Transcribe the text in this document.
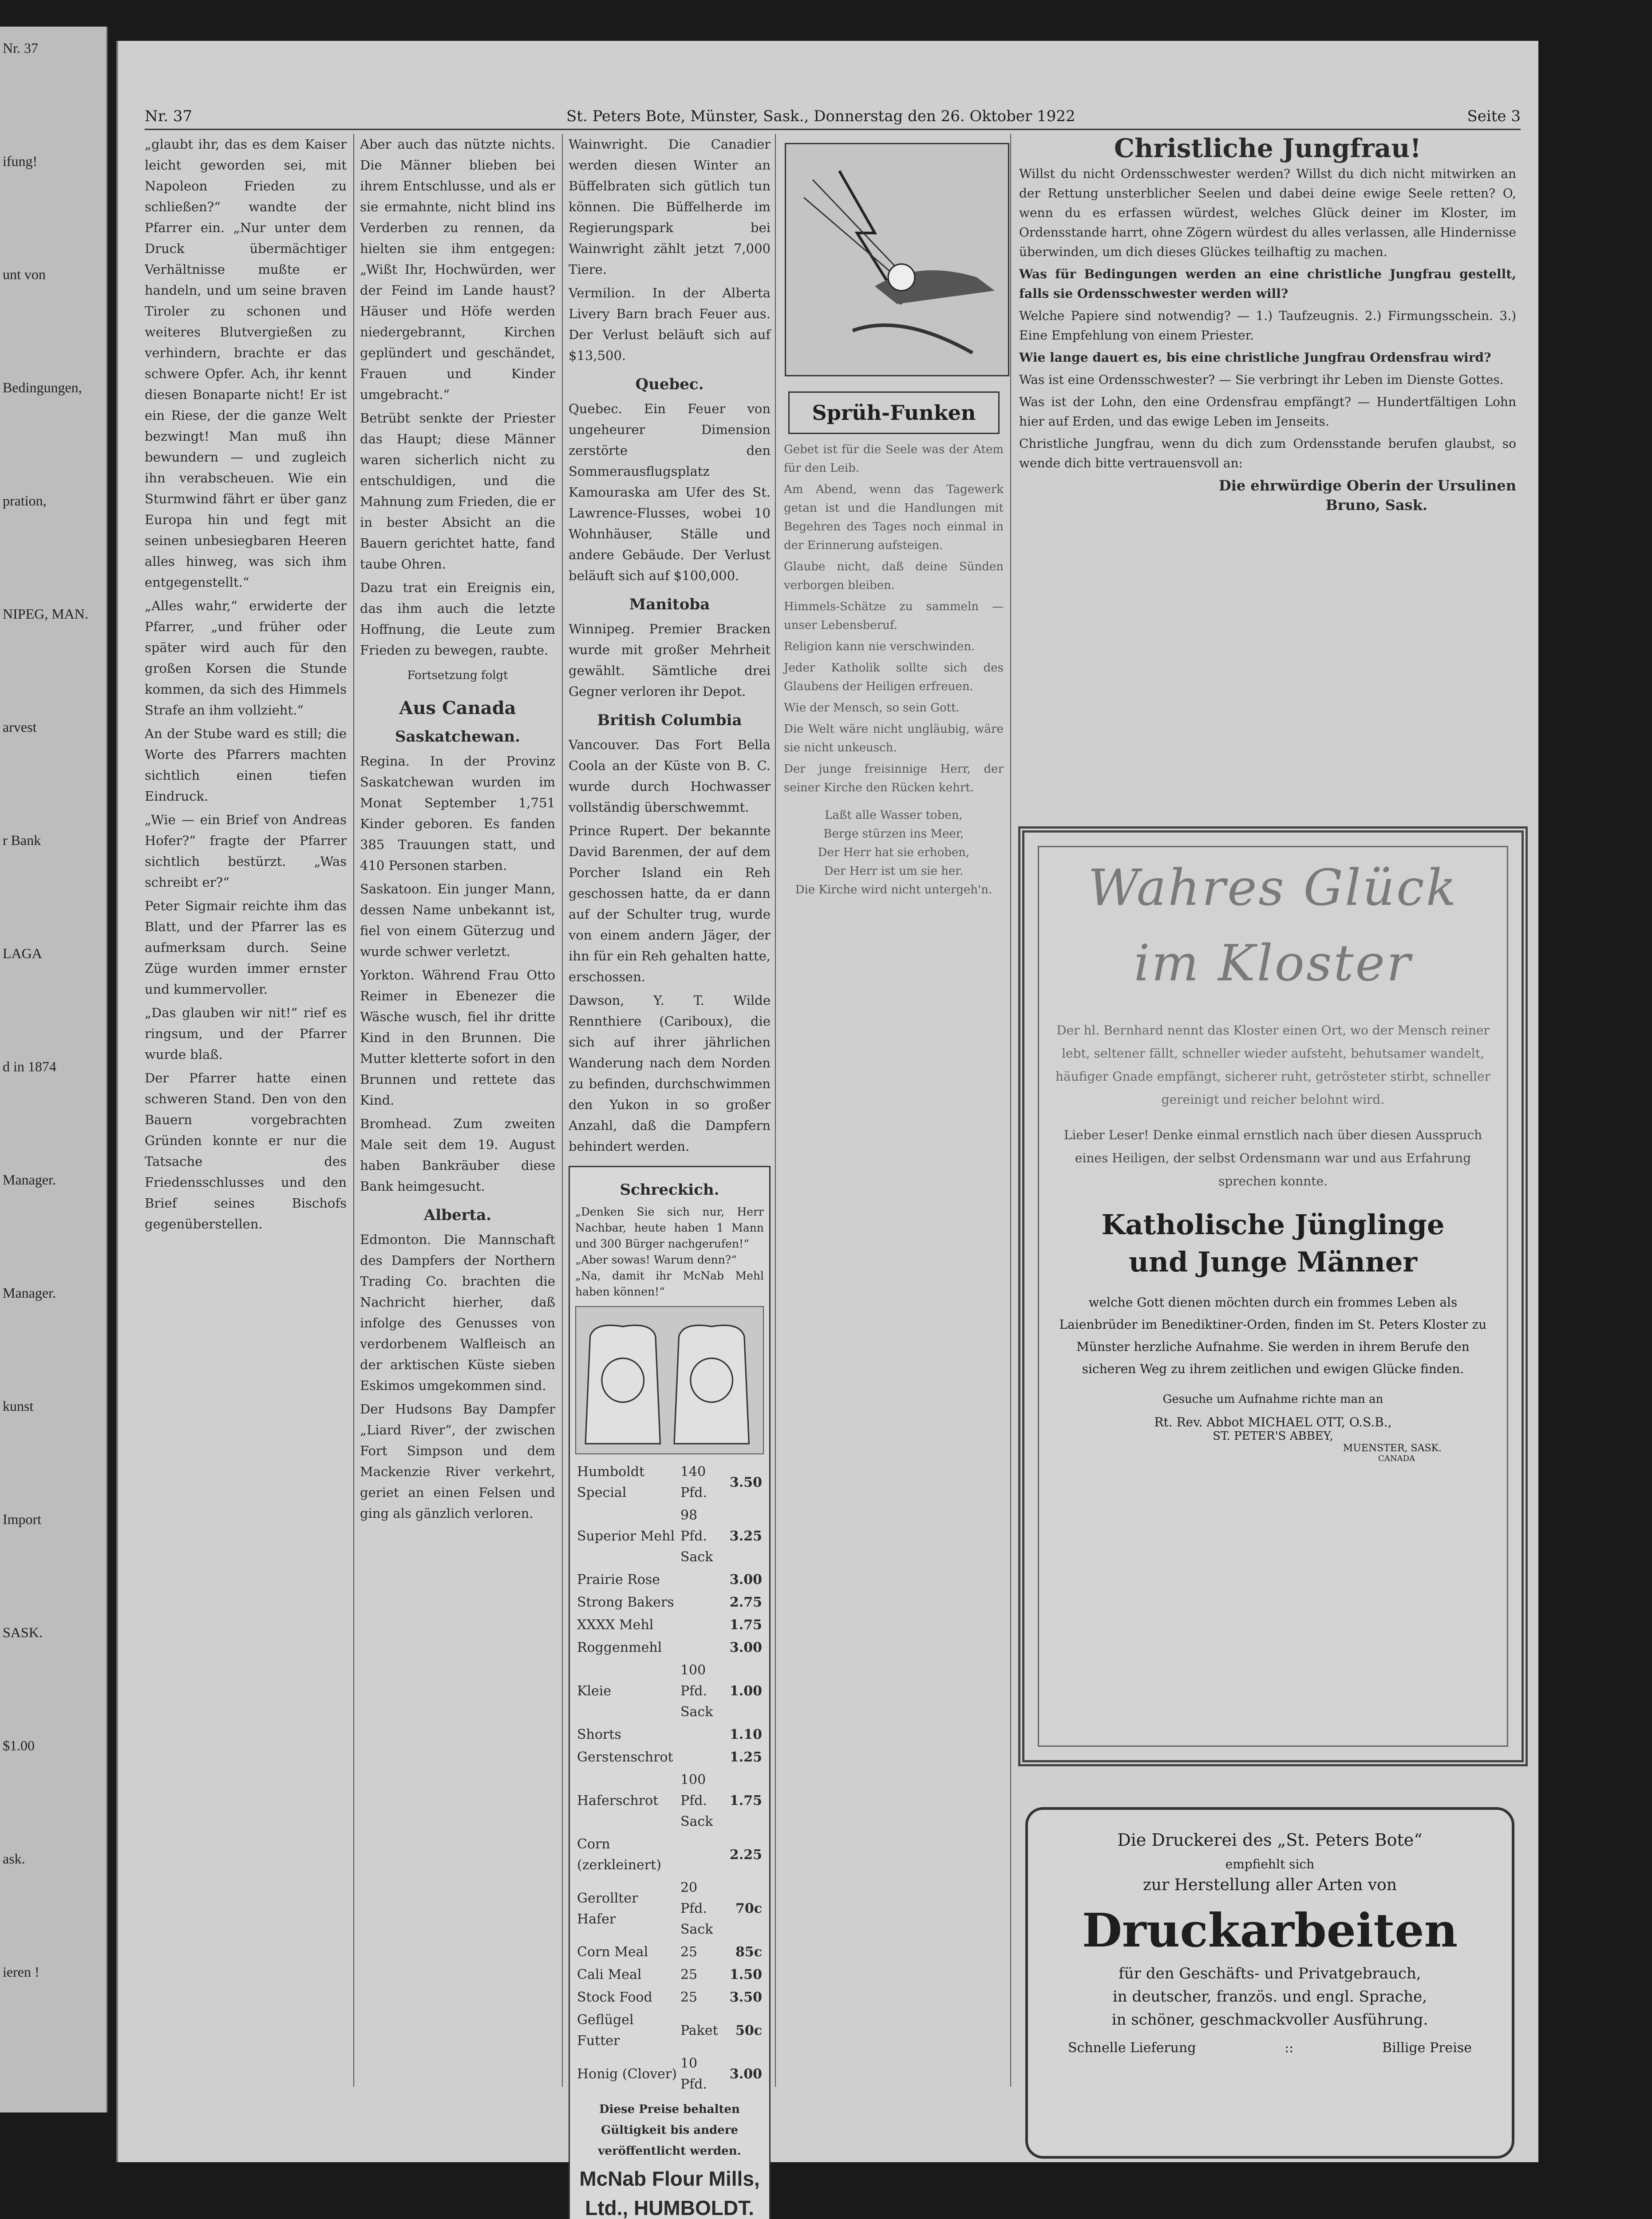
Nr. 37
ifung!
unt von
Bedingungen,
pration,
NIPEG, MAN.
arvest
r Bank
LAGA
d in 1874
Manager.
Manager.
kunst
Import
SASK.
$1.00
ask.
ieren !
Nr. 37	St. Peters Bote, Münster, Sask., Donnerstag den 26. Oktober 1922	Seite 3

„glaubt ihr, das es dem Kaiser leicht geworden sei, mit Napoleon Frieden zu schließen?“ wandte der Pfarrer ein. „Nur unter dem Druck übermächtiger Verhältnisse mußte er handeln, und um seine braven Tiroler zu schonen und weiteres Blutvergießen zu verhindern, brachte er das schwere Opfer. Ach, ihr kennt diesen Bonaparte nicht! Er ist ein Riese, der die ganze Welt bezwingt! Man muß ihn bewundern — und zugleich ihn verabscheuen. Wie ein Sturmwind fährt er über ganz Europa hin und fegt mit seinen unbesiegbaren Heeren alles hinweg, was sich ihm entgegenstellt.“

„Alles wahr,“ erwiderte der Pfarrer, „und früher oder später wird auch für den großen Korsen die Stunde kommen, da sich des Himmels Strafe an ihm vollzieht.“

An der Stube ward es still; die Worte des Pfarrers machten sichtlich einen tiefen Eindruck.

„Wie — ein Brief von Andreas Hofer?“ fragte der Pfarrer sichtlich bestürzt. „Was schreibt er?“

Peter Sigmair reichte ihm das Blatt, und der Pfarrer las es aufmerksam durch. Seine Züge wurden immer ernster und kummervoller.

„Das glauben wir nit!“ rief es ringsum, und der Pfarrer wurde blaß.

Der Pfarrer hatte einen schweren Stand. Den von den Bauern vorgebrachten Gründen konnte er nur die Tatsache des Friedensschlusses und den Brief seines Bischofs gegenüberstellen.

Aber auch das nützte nichts. Die Männer blieben bei ihrem Entschlusse, und als er sie ermahnte, nicht blind ins Verderben zu rennen, da hielten sie ihm entgegen: „Wißt Ihr, Hochwürden, wer der Feind im Lande haust? Häuser und Höfe werden niedergebrannt, Kirchen geplündert und geschändet, Frauen und Kinder umgebracht.“

Betrübt senkte der Priester das Haupt; diese Männer waren sicherlich nicht zu entschuldigen, und die Mahnung zum Frieden, die er in bester Absicht an die Bauern gerichtet hatte, fand taube Ohren.

Dazu trat ein Ereignis ein, das ihm auch die letzte Hoffnung, die Leute zum Frieden zu bewegen, raubte.

Fortsetzung folgt
Aus Canada
Saskatchewan.

Regina. In der Provinz Saskatchewan wurden im Monat September 1,751 Kinder geboren. Es fanden 385 Trauungen statt, und 410 Personen starben.

Saskatoon. Ein junger Mann, dessen Name unbekannt ist, fiel von einem Güterzug und wurde schwer verletzt.

Yorkton. Während Frau Otto Reimer in Ebenezer die Wäsche wusch, fiel ihr dritte Kind in den Brunnen. Die Mutter kletterte sofort in den Brunnen und rettete das Kind.

Bromhead. Zum zweiten Male seit dem 19. August haben Bankräuber diese Bank heimgesucht.

Alberta.

Edmonton. Die Mannschaft des Dampfers der Northern Trading Co. brachten die Nachricht hierher, daß infolge des Genusses von verdorbenem Walfleisch an der arktischen Küste sieben Eskimos umgekommen sind.

Der Hudsons Bay Dampfer „Liard River“, der zwischen Fort Simpson und dem Mackenzie River verkehrt, geriet an einen Felsen und ging als gänzlich verloren.

Wainwright. Die Canadier werden diesen Winter an Büffelbraten sich gütlich tun können. Die Büffelherde im Regierungspark bei Wainwright zählt jetzt 7,000 Tiere.

Vermilion. In der Alberta Livery Barn brach Feuer aus. Der Verlust beläuft sich auf $13,500.

Quebec.

Quebec. Ein Feuer von ungeheurer Dimension zerstörte den Sommerausflugsplatz Kamouraska am Ufer des St. Lawrence-Flusses, wobei 10 Wohnhäuser, Ställe und andere Gebäude. Der Verlust beläuft sich auf $100,000.

Manitoba

Winnipeg. Premier Bracken wurde mit großer Mehrheit gewählt. Sämtliche drei Gegner verloren ihr Depot.

British Columbia

Vancouver. Das Fort Bella Coola an der Küste von B. C. wurde durch Hochwasser vollständig überschwemmt.

Prince Rupert. Der bekannte David Barenmen, der auf dem Porcher Island ein Reh geschossen hatte, da er dann auf der Schulter trug, wurde von einem andern Jäger, der ihn für ein Reh gehalten hatte, erschossen.

Dawson, Y. T. Wilde Rennthiere (Cariboux), die sich auf ihrer jährlichen Wanderung nach dem Norden zu befinden, durchschwimmen den Yukon in so großer Anzahl, daß die Dampfern behindert werden.

Schreckich.
„Denken Sie sich nur, Herr Nachbar, heute haben 1 Mann und 300 Bürger nachgerufen!“
„Aber sowas! Warum denn?“
„Na, damit ihr McNab Mehl haben können!“
Humboldt Special	140 Pfd.	3.50
Superior Mehl	98 Pfd. Sack	3.25
Prairie Rose		3.00
Strong Bakers		2.75
XXXX Mehl		1.75
Roggenmehl		3.00
Kleie	100 Pfd. Sack	1.00
Shorts		1.10
Gerstenschrot		1.25
Haferschrot	100 Pfd. Sack	1.75
Corn (zerkleinert)		2.25
Gerollter Hafer	20 Pfd. Sack	70c
Corn Meal	25	85c
Cali Meal	25	1.50
Stock Food	25	3.50
Geflügel Futter	Paket	50c
Honig (Clover)	10 Pfd.	3.00
Diese Preise behalten Gültigkeit bis andere veröffentlicht werden.
McNab Flour Mills,
Ltd., HUMBOLDT.
Sprüh-Funken

Gebet ist für die Seele was der Atem für den Leib.

Am Abend, wenn das Tagewerk getan ist und die Handlungen mit Begehren des Tages noch einmal in der Erinnerung aufsteigen.

Glaube nicht, daß deine Sünden verborgen bleiben.

Himmels-Schätze zu sammeln — unser Lebensberuf.

Religion kann nie verschwinden.

Jeder Katholik sollte sich des Glaubens der Heiligen erfreuen.

Wie der Mensch, so sein Gott.

Die Welt wäre nicht ungläubig, wäre sie nicht unkeusch.

Der junge freisinnige Herr, der seiner Kirche den Rücken kehrt.

Laßt alle Wasser toben,
Berge stürzen ins Meer,
Der Herr hat sie erhoben,
Der Herr ist um sie her.
Die Kirche wird nicht untergeh'n.
Christliche Jungfrau!

Willst du nicht Ordensschwester werden? Willst du dich nicht mitwirken an der Rettung unsterblicher Seelen und dabei deine ewige Seele retten? O, wenn du es erfassen würdest, welches Glück deiner im Kloster, im Ordensstande harrt, ohne Zögern würdest du alles verlassen, alle Hindernisse überwinden, um dich dieses Glückes teilhaftig zu machen.

Was für Bedingungen werden an eine christliche Jungfrau gestellt, falls sie Ordensschwester werden will?

Welche Papiere sind notwendig? — 1.) Taufzeugnis. 2.) Firmungsschein. 3.) Eine Empfehlung von einem Priester.

Wie lange dauert es, bis eine christliche Jungfrau Ordensfrau wird?

Was ist eine Ordensschwester? — Sie verbringt ihr Leben im Dienste Gottes.

Was ist der Lohn, den eine Ordensfrau empfängt? — Hundertfältigen Lohn hier auf Erden, und das ewige Leben im Jenseits.

Christliche Jungfrau, wenn du dich zum Ordensstande berufen glaubst, so wende dich bitte vertrauensvoll an:

Die ehrwürdige Oberin der Ursulinen
Bruno, Sask.
Wahres Glück
im Kloster

Der hl. Bernhard nennt das Kloster einen Ort, wo der Mensch reiner lebt, seltener fällt, schneller wieder aufsteht, behutsamer wandelt, häufiger Gnade empfängt, sicherer ruht, getrösteter stirbt, schneller gereinigt und reicher belohnt wird.

Lieber Leser! Denke einmal ernstlich nach über diesen Ausspruch eines Heiligen, der selbst Ordensmann war und aus Erfahrung sprechen konnte.

Katholische Jünglinge
und Junge Männer

welche Gott dienen möchten durch ein frommes Leben als Laienbrüder im Benediktiner-Orden, finden im St. Peters Kloster zu Münster herzliche Aufnahme. Sie werden in ihrem Berufe den sicheren Weg zu ihrem zeitlichen und ewigen Glücke finden.

Gesuche um Aufnahme richte man an
Rt. Rev. Abbot MICHAEL OTT, O.S.B.,
ST. PETER'S ABBEY,
MUENSTER, SASK.
CANADA
Die Druckerei des „St. Peters Bote“
empfiehlt sich
zur Herstellung aller Arten von
Druckarbeiten
für den Geschäfts- und Privatgebrauch,
in deutscher, französ. und engl. Sprache,
in schöner, geschmackvoller Ausführung.
Schnelle Lieferung	::	Billige Preise
